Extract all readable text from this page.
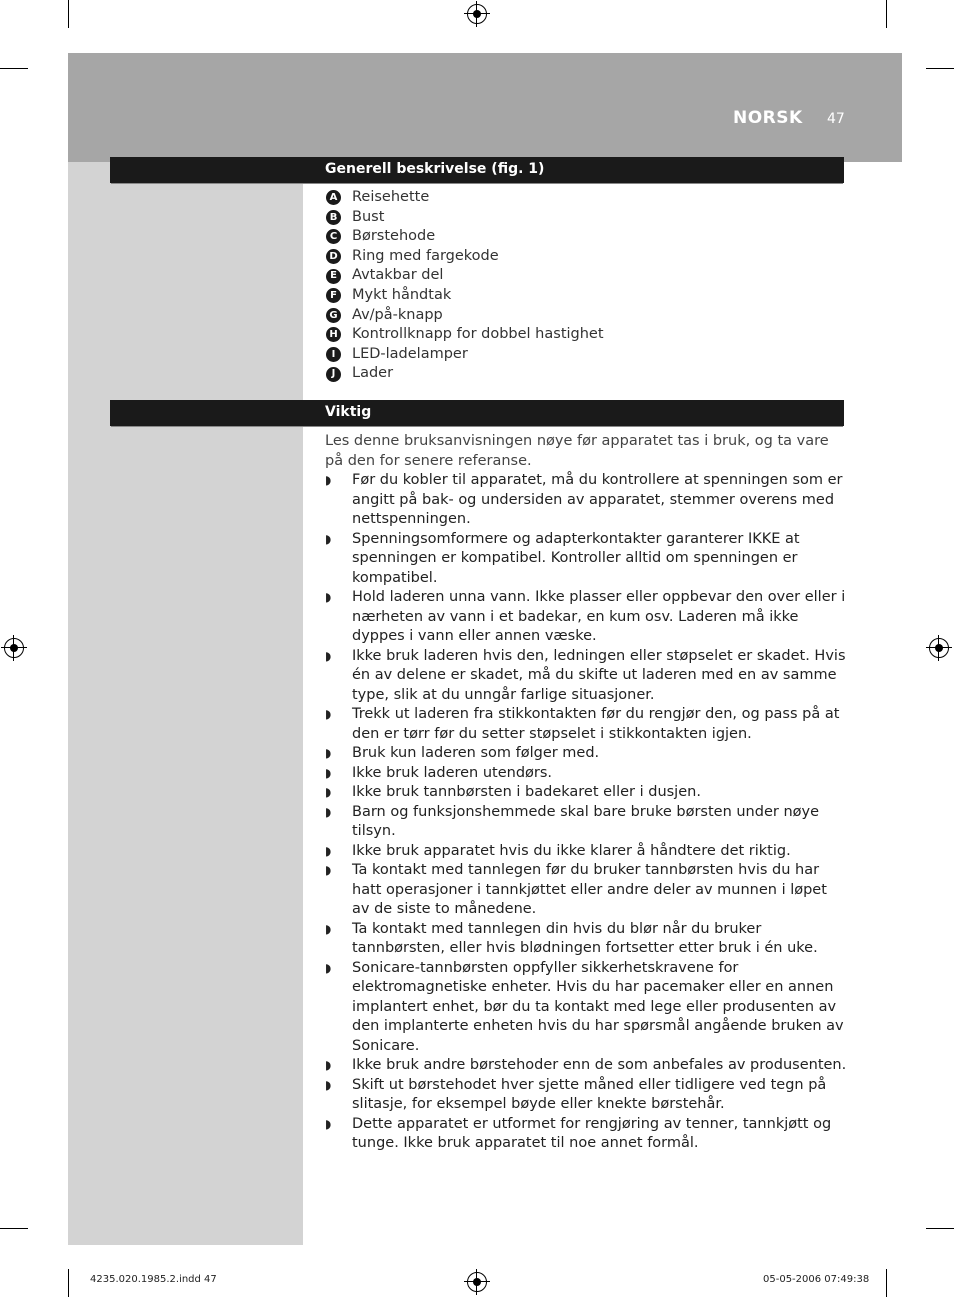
NORSK 47
Generell beskrivelse (fig. 1)
A Reisehette
B Bust
C Børstehode
D Ring med fargekode
E Avtakbar del
F Mykt håndtak
G Av/på-knapp
H Kontrollknapp for dobbel hastighet
I	LED-ladelamper
J	Lader
Viktig
Les denne bruksanvisningen nøye før apparatet tas i bruk, og ta vare på den for senere referanse.
◗ Før du kobler til apparatet, må du kontrollere at spenningen som er angitt på bak- og undersiden av apparatet, stemmer overens med nettspenningen.
◗ Spenningsomformere og adapterkontakter garanterer IKKE at spenningen er kompatibel. Kontroller alltid om spenningen er kompatibel.
◗ Hold laderen unna vann. Ikke plasser eller oppbevar den over eller i nærheten av vann i et badekar, en kum osv. Laderen må ikke dyppes i vann eller annen væske.
◗ Ikke bruk laderen hvis den, ledningen eller støpselet er skadet. Hvis én av delene er skadet, må du skifte ut laderen med en av samme type, slik at du unngår farlige situasjoner.
◗ Trekk ut laderen fra stikkontakten før du rengjør den, og pass på at den er tørr før du setter støpselet i stikkontakten igjen.
◗ Bruk kun laderen som følger med.
◗ Ikke bruk laderen utendørs.
◗ Ikke bruk tannbørsten i badekaret eller i dusjen.
◗ Barn og funksjonshemmede skal bare bruke børsten under nøye tilsyn.
◗ Ikke bruk apparatet hvis du ikke klarer å håndtere det riktig.
◗ Ta kontakt med tannlegen før du bruker tannbørsten hvis du har hatt operasjoner i tannkjøttet eller andre deler av munnen i løpet av de siste to månedene.
◗ Ta kontakt med tannlegen din hvis du blør når du bruker tannbørsten, eller hvis blødningen fortsetter etter bruk i én uke.
◗ Sonicare-tannbørsten oppfyller sikkerhetskravene for elektromagnetiske enheter. Hvis du har pacemaker eller en annen implantert enhet, bør du ta kontakt med lege eller produsenten av den implanterte enheten hvis du har spørsmål angående bruken av Sonicare.
◗ Ikke bruk andre børstehoder enn de som anbefales av produsenten.
◗ Skift ut børstehodet hver sjette måned eller tidligere ved tegn på slitasje, for eksempel bøyde eller knekte børstehår.
◗ Dette apparatet er utformet for rengjøring av tenner, tannkjøtt og tunge. Ikke bruk apparatet til noe annet formål.
4235.020.1985.2.indd 47	05-05-2006 07:49:38
